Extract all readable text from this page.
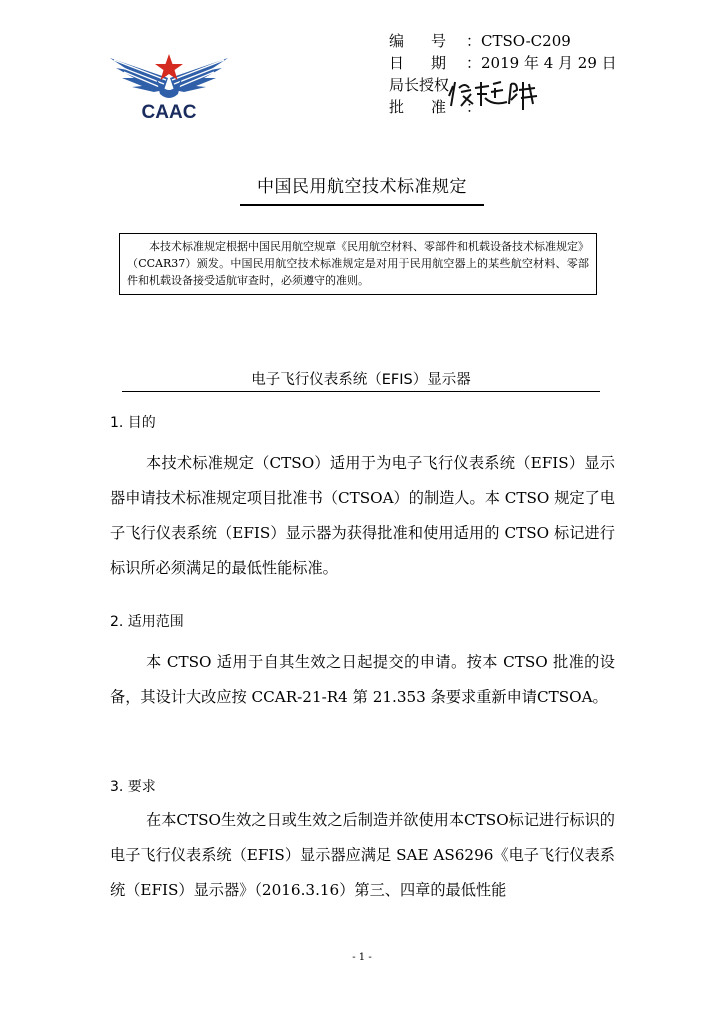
CAAC
编 号	：CTSO-C209
日 期	：2019 年 4 月 29 日
局长授权
批 准	：
中国民用航空技术标准规定
本技术标准规定根据中国民用航空规章《民用航空材料、零部件和机载设备技术标准规定》（CCAR37）颁发。中国民用航空技术标准规定是对用于民用航空器上的某些航空材料、零部件和机载设备接受适航审查时，必须遵守的准则。
电子飞行仪表系统（EFIS）显示器
1. 目的
本技术标准规定（CTSO）适用于为电子飞行仪表系统（EFIS）显示器申请技术标准规定项目批准书（CTSOA）的制造人。本 CTSO 规定了电子飞行仪表系统（EFIS）显示器为获得批准和使用适用的 CTSO 标记进行标识所必须满足的最低性能标准。
2. 适用范围
本 CTSO 适用于自其生效之日起提交的申请。按本 CTSO 批准的设备，其设计大改应按 CCAR-21-R4 第 21.353 条要求重新申请CTSOA。
3. 要求
在本CTSO生效之日或生效之后制造并欲使用本CTSO标记进行标识的电子飞行仪表系统（EFIS）显示器应满足 SAE AS6296《电子飞行仪表系统（EFIS）显示器》（2016.3.16）第三、四章的最低性能
- 1 -
